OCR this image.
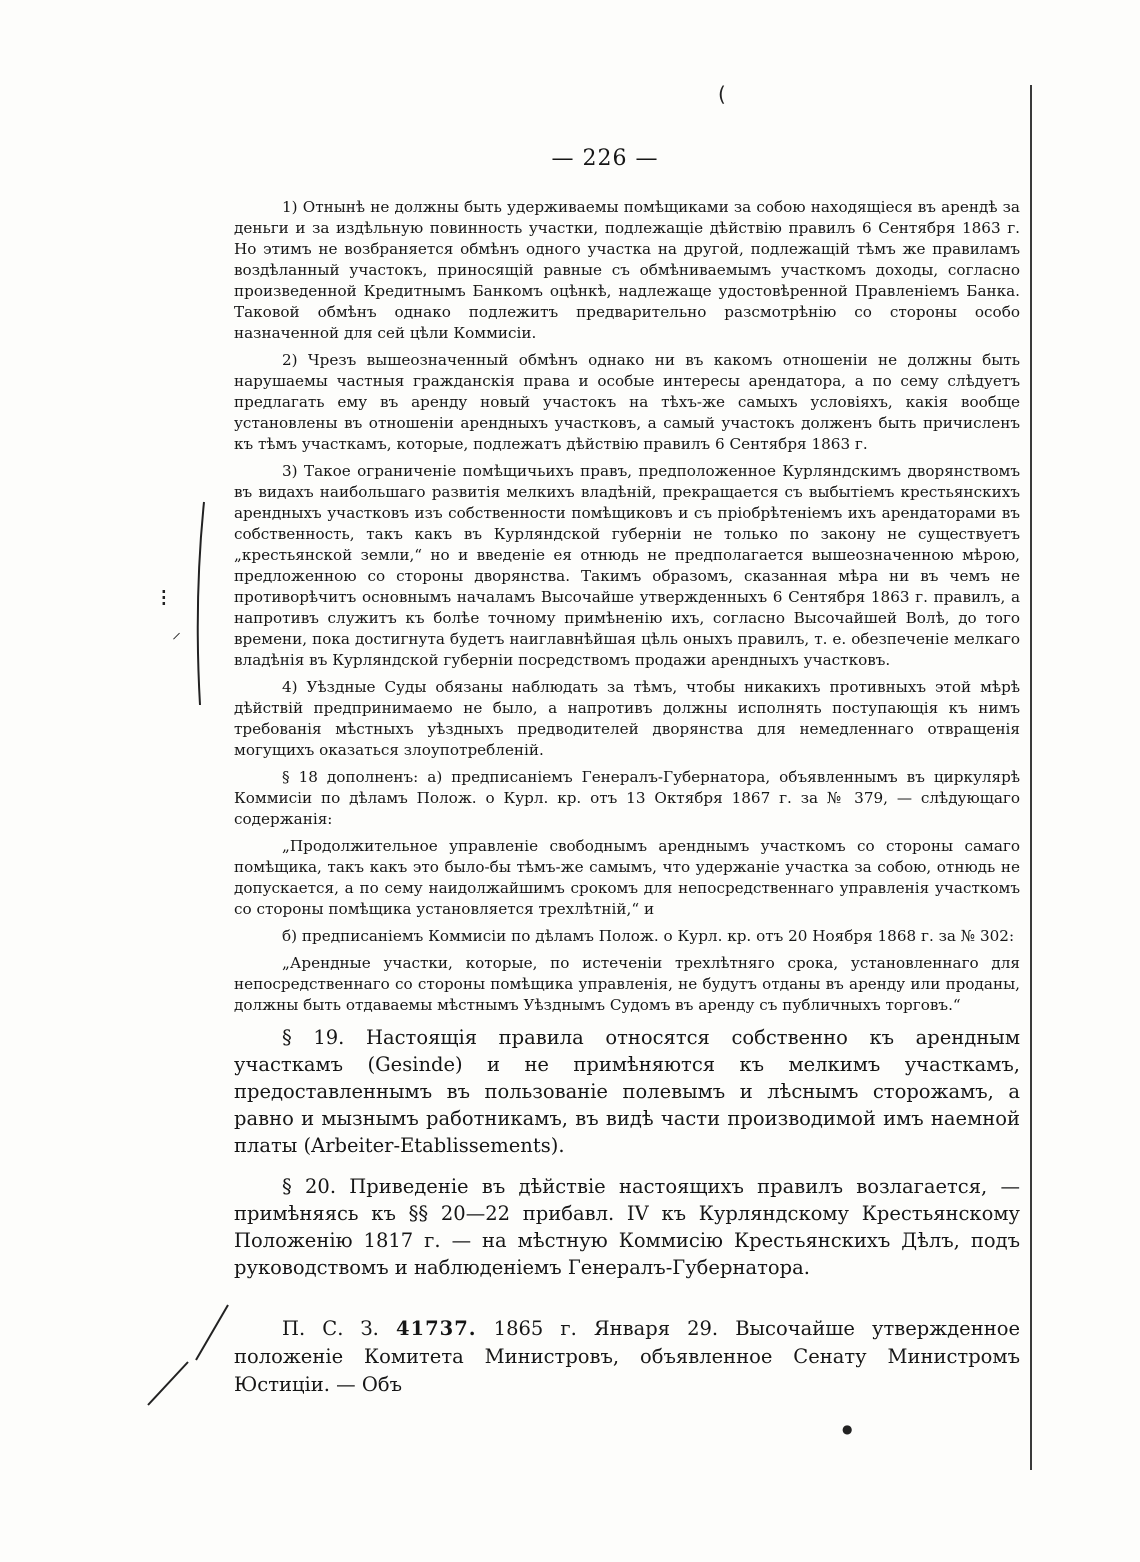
(
⁝
⸝
●
— 226 —

1) Отнынѣ не должны быть удерживаемы помѣщиками за собою находящіеся въ арендѣ за деньги и за издѣльную повинность участки, подлежащіе дѣйствію правилъ 6 Сентября 1863 г. Но этимъ не возбраняется обмѣнъ одного участка на другой, подлежащій тѣмъ же правиламъ воздѣланный участокъ, приносящій равные съ обмѣниваемымъ участкомъ доходы, согласно произведенной Кредитнымъ Банкомъ оцѣнкѣ, надлежаще удостовѣренной Правленіемъ Банка. Таковой обмѣнъ однако подлежитъ предварительно разсмотрѣнію со стороны особо назначенной для сей цѣли Коммисіи.

2) Чрезъ вышеозначенный обмѣнъ однако ни въ какомъ отношеніи не должны быть нарушаемы частныя гражданскія права и особые интересы арендатора, а по сему слѣдуетъ предлагать ему въ аренду новый участокъ на тѣхъ-же самыхъ условіяхъ, какія вообще установлены въ отношеніи арендныхъ участковъ, а самый участокъ долженъ быть причисленъ къ тѣмъ участкамъ, которые, подлежатъ дѣйствію правилъ 6 Сентября 1863 г.

3) Такое ограниченіе помѣщичьихъ правъ, предположенное Курляндскимъ дворянствомъ въ видахъ наибольшаго развитія мелкихъ владѣній, прекращается съ выбытіемъ крестьянскихъ арендныхъ участковъ изъ собственности помѣщиковъ и съ пріобрѣтеніемъ ихъ арендаторами въ собственность, такъ какъ въ Курляндской губерніи не только по закону не существуетъ „крестьянской земли,“ но и введеніе ея отнюдь не предполагается вышеозначенною мѣрою, предложенною со стороны дворянства. Такимъ образомъ, сказанная мѣра ни въ чемъ не противорѣчитъ основнымъ началамъ Высочайше утвержденныхъ 6 Сентября 1863 г. правилъ, а напротивъ служитъ къ болѣе точному примѣненію ихъ, согласно Высочайшей Волѣ, до того времени, пока достигнута будетъ наиглавнѣйшая цѣль оныхъ правилъ, т. е. обезпеченіе мелкаго владѣнія въ Курляндской губерніи посредствомъ продажи арендныхъ участковъ.

4) Уѣздные Суды обязаны наблюдать за тѣмъ, чтобы никакихъ противныхъ этой мѣрѣ дѣйствій предпринимаемо не было, а напротивъ должны исполнять поступающія къ нимъ требованія мѣстныхъ уѣздныхъ предводителей дворянства для немедленнаго отвращенія могущихъ оказаться злоупотребленій.

§ 18 дополненъ: а) предписаніемъ Генералъ-Губернатора, объявленнымъ въ циркулярѣ Коммисіи по дѣламъ Полож. о Курл. кр. отъ 13 Октября 1867 г. за № 379, — слѣдующаго содержанія:

„Продолжительное управленіе свободнымъ аренднымъ участкомъ со стороны самаго помѣщика, такъ какъ это было-бы тѣмъ-же самымъ, что удержаніе участка за собою, отнюдь не допускается, а по сему наидолжайшимъ срокомъ для непосредственнаго управленія участкомъ со стороны помѣщика установляется трехлѣтній,“ и

б) предписаніемъ Коммисіи по дѣламъ Полож. о Курл. кр. отъ 20 Ноября 1868 г. за № 302:

„Арендные участки, которые, по истеченіи трехлѣтняго срока, установленнаго для непосредственнаго со стороны помѣщика управленія, не будутъ отданы въ аренду или проданы, должны быть отдаваемы мѣстнымъ Уѣзднымъ Судомъ въ аренду съ публичныхъ торговъ.“

§ 19. Настоящія правила относятся собственно къ арендным участкамъ (Gesinde) и не примѣняются къ мелкимъ участкамъ, предоставленнымъ въ пользованіе полевымъ и лѣснымъ сторожамъ, а равно и мызнымъ работникамъ, въ видѣ части производимой имъ наемной платы (Arbeiter-Etablissements).

§ 20. Приведеніе въ дѣйствіе настоящихъ правилъ возлагается, — примѣняясь къ §§ 20—22 прибавл. IV къ Курляндскому Крестьянскому Положенію 1817 г. — на мѣстную Коммисію Крестьянскихъ Дѣлъ, подъ руководствомъ и наблюденіемъ Генералъ-Губернатора.

П. С. З. 41737. 1865 г. Января 29. Высочайше утвержденное положеніе Комитета Министровъ, объявленное Сенату Министромъ Юстиціи. — Объ
